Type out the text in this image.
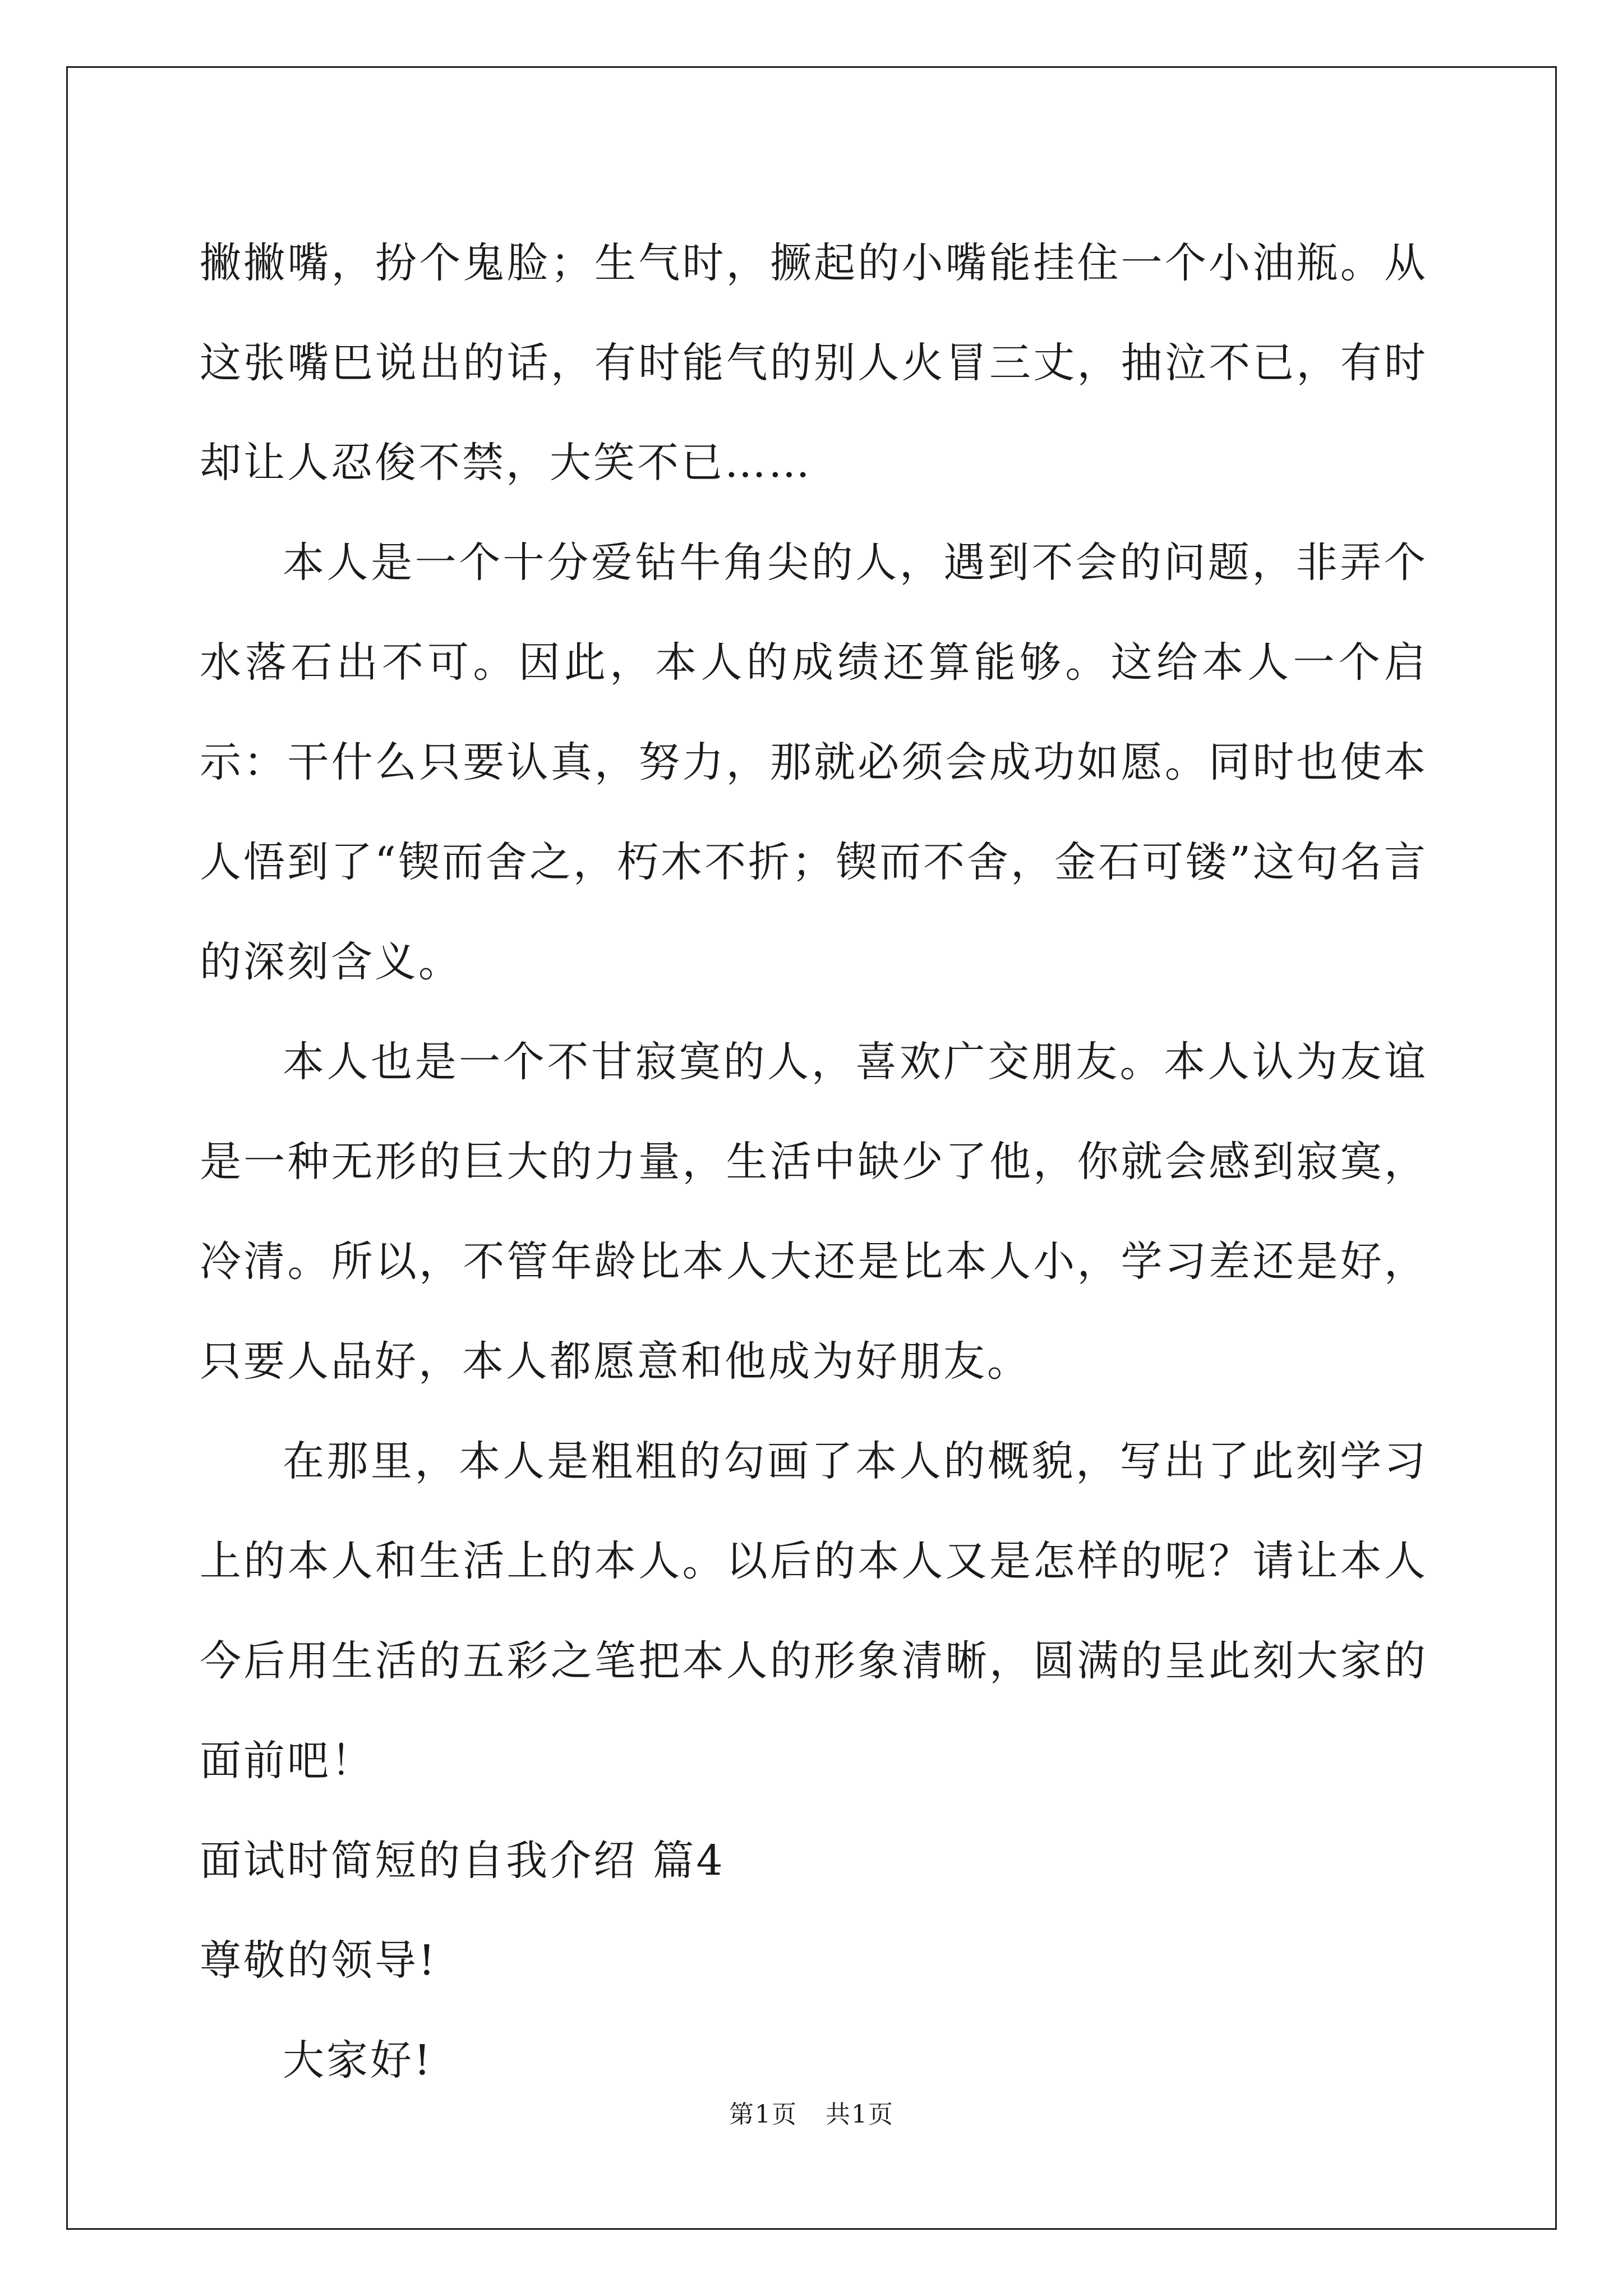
撇撇嘴，扮个鬼脸；生气时，撅起的小嘴能挂住一个小油瓶。从这张嘴巴说出的话，有时能气的别人火冒三丈，抽泣不已，有时却让人忍俊不禁，大笑不已……

本人是一个十分爱钻牛角尖的人，遇到不会的问题，非弄个水落石出不可。因此，本人的成绩还算能够。这给本人一个启示：干什么只要认真，努力，那就必须会成功如愿。同时也使本人悟到了“锲而舍之，朽木不折；锲而不舍，金石可镂”这句名言的深刻含义。

本人也是一个不甘寂寞的人，喜欢广交朋友。本人认为友谊是一种无形的巨大的力量，生活中缺少了他，你就会感到寂寞，冷清。所以，不管年龄比本人大还是比本人小，学习差还是好，只要人品好，本人都愿意和他成为好朋友。

在那里，本人是粗粗的勾画了本人的概貌，写出了此刻学习上的本人和生活上的本人。以后的本人又是怎样的呢？请让本人今后用生活的五彩之笔把本人的形象清晰，圆满的呈此刻大家的面前吧！

面试时简短的自我介绍 篇4

尊敬的领导!

大家好!

第1页 共1页
